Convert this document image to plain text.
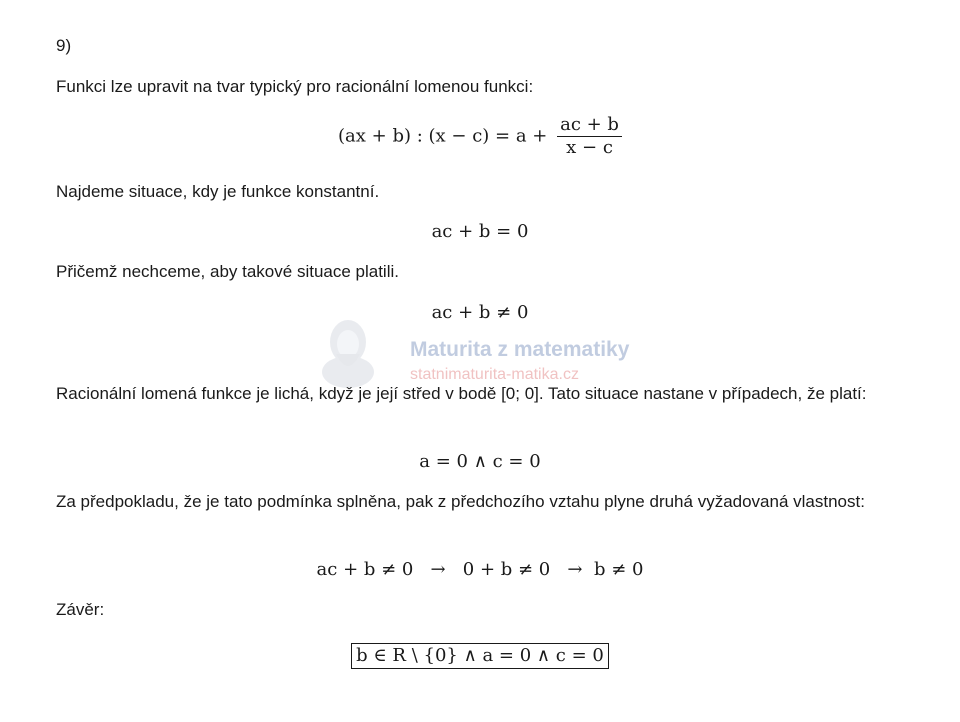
9)
Funkci lze upravit na tvar typický pro racionální lomenou funkci:
(ax + b) : $(x - c) = a + \frac{ac + b}{x - c}$
Najdeme situace, kdy je funkce konstantní.
ac + b = 0
Přičemž nechceme, aby takové situace platili.
ac + b ≠ 0
Maturita z matematiky
statnimaturita-matika.cz
Racionální lomená funkce je lichá, když je její střed v bodě [0; 0]. Tato situace nastane v případech, že platí:
a = 0 ∧ c = 0
Za předpokladu, že je tato podmínka splněna, pak z předchozího vztahu plyne druhá vyžadovaná vlastnost:
ac + b ≠ 0   →   0 + b ≠ 0   →  b ≠ 0
Závěr:
b ∈ R \ {0} ∧ a = 0 ∧ c = 0
